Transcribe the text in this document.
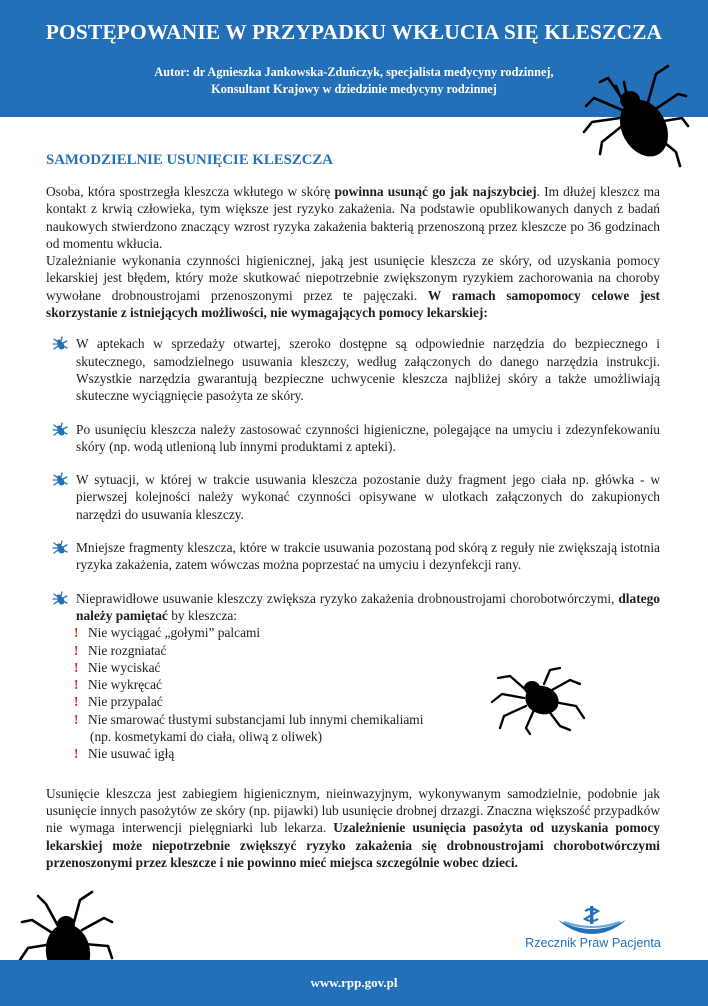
POSTĘPOWANIE W PRZYPADKU WKŁUCIA SIĘ KLESZCZA
Autor: dr Agnieszka Jankowska-Zduńczyk, specjalista medycyny rodzinnej,
Konsultant Krajowy w dziedzinie medycyny rodzinnej
SAMODZIELNIE USUNIĘCIE KLESZCZA

Osoba, która spostrzegła kleszcza wkłutego w skórę powinna usunąć go jak najszybciej. Im dłużej kleszcz ma kontakt z krwią człowieka, tym większe jest ryzyko zakażenia. Na podstawie opublikowanych danych z badań naukowych stwierdzono znaczący wzrost ryzyka zakażenia bakterią przenoszoną przez kleszcze po 36 godzinach od momentu wkłucia.

Uzależnianie wykonania czynności higienicznej, jaką jest usunięcie kleszcza ze skóry, od uzyskania pomocy lekarskiej jest błędem, który może skutkować niepotrzebnie zwiększonym ryzykiem zachorowania na choroby wywołane drobnoustrojami przenoszonymi przez te pajęczaki. W ramach samopomocy celowe jest skorzystanie z istniejących możliwości, nie wymagających pomocy lekarskiej:

W aptekach w sprzedaży otwartej, szeroko dostępne są odpowiednie narzędzia do bezpiecznego i skutecznego, samodzielnego usuwania kleszczy, według załączonych do danego narzędzia instrukcji. Wszystkie narzędzia gwarantują bezpieczne uchwycenie kleszcza najbliżej skóry a także umożliwiają skuteczne wyciągnięcie pasożyta ze skóry.
Po usunięciu kleszcza należy zastosować czynności higieniczne, polegające na umyciu i zdezynfekowaniu skóry (np. wodą utlenioną lub innymi produktami z apteki).
W sytuacji, w której w trakcie usuwania kleszcza pozostanie duży fragment jego ciała np. główka - w pierwszej kolejności należy wykonać czynności opisywane w ulotkach załączonych do zakupionych narzędzi do usuwania kleszczy.
Mniejsze fragmenty kleszcza, które w trakcie usuwania pozostaną pod skórą z reguły nie zwiększają istotnia ryzyka zakażenia, zatem wówczas można poprzestać na umyciu i dezynfekcji rany.
Nieprawidłowe usuwanie kleszczy zwiększa ryzyko zakażenia drobnoustrojami chorobotwórczymi, dlatego należy pamiętać by kleszcza:
! Nie wyciągać „gołymi” palcami
! Nie rozgniatać
! Nie wyciskać
! Nie wykręcać
! Nie przypalać
! Nie smarować tłustymi substancjami lub innymi chemikaliami
(np. kosmetykami do ciała, oliwą z oliwek)
! Nie usuwać igłą

Usunięcie kleszcza jest zabiegiem higienicznym, nieinwazyjnym, wykonywanym samodzielnie, podobnie jak usunięcie innych pasożytów ze skóry (np. pijawki) lub usunięcie drobnej drzazgi. Znaczna większość przypadków nie wymaga interwencji pielęgniarki lub lekarza. Uzależnienie usunięcia pasożyta od uzyskania pomocy lekarskiej może niepotrzebnie zwiększyć ryzyko zakażenia się drobnoustrojami chorobotwórczymi przenoszonymi przez kleszcze i nie powinno mieć miejsca szczególnie wobec dzieci.

Rzecznik Praw Pacjenta
www.rpp.gov.pl
